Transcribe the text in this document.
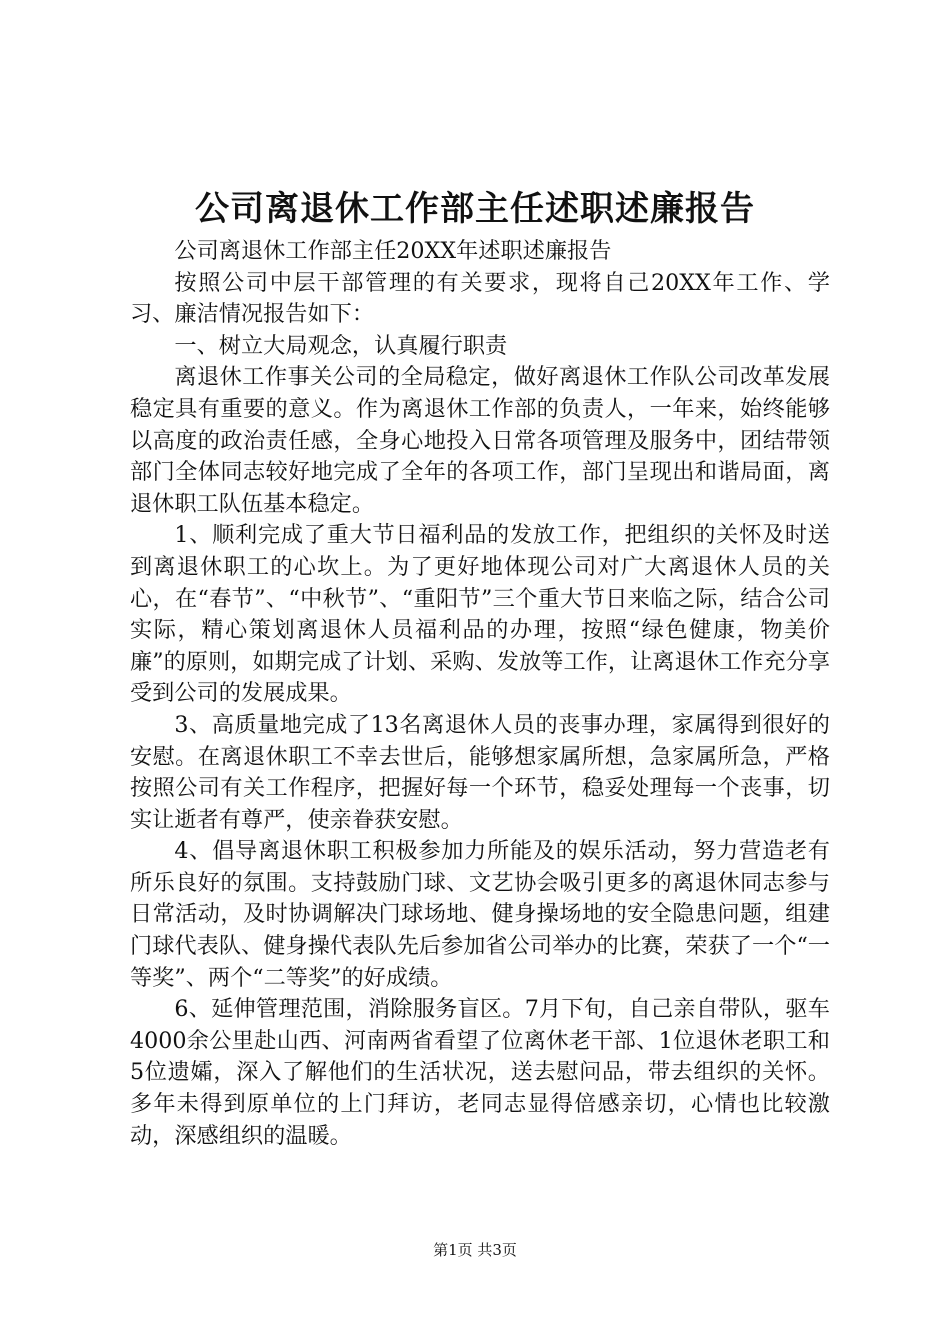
公司离退休工作部主任述职述廉报告

公司离退休工作部主任20XX年述职述廉报告

按照公司中层干部管理的有关要求，现将自己20XX年工作、学习、廉洁情况报告如下：

一、树立大局观念，认真履行职责

离退休工作事关公司的全局稳定，做好离退休工作队公司改革发展稳定具有重要的意义。作为离退休工作部的负责人，一年来，始终能够以高度的政治责任感，全身心地投入日常各项管理及服务中，团结带领部门全体同志较好地完成了全年的各项工作，部门呈现出和谐局面，离退休职工队伍基本稳定。

1、顺利完成了重大节日福利品的发放工作，把组织的关怀及时送到离退休职工的心坎上。为了更好地体现公司对广大离退休人员的关心，在“春节”、“中秋节”、“重阳节”三个重大节日来临之际，结合公司实际，精心策划离退休人员福利品的办理，按照“绿色健康，物美价廉”的原则，如期完成了计划、采购、发放等工作，让离退休工作充分享受到公司的发展成果。

3、高质量地完成了13名离退休人员的丧事办理，家属得到很好的安慰。在离退休职工不幸去世后，能够想家属所想，急家属所急，严格按照公司有关工作程序，把握好每一个环节，稳妥处理每一个丧事，切实让逝者有尊严，使亲眷获安慰。

4、倡导离退休职工积极参加力所能及的娱乐活动，努力营造老有所乐良好的氛围。支持鼓励门球、文艺协会吸引更多的离退休同志参与日常活动，及时协调解决门球场地、健身操场地的安全隐患问题，组建门球代表队、健身操代表队先后参加省公司举办的比赛，荣获了一个“一等奖”、两个“二等奖”的好成绩。

6、延伸管理范围，消除服务盲区。7月下旬，自己亲自带队，驱车4000余公里赴山西、河南两省看望了位离休老干部、1位退休老职工和5位遗孀，深入了解他们的生活状况，送去慰问品，带去组织的关怀。多年未得到原单位的上门拜访，老同志显得倍感亲切，心情也比较激动，深感组织的温暖。

第1页 共3页
